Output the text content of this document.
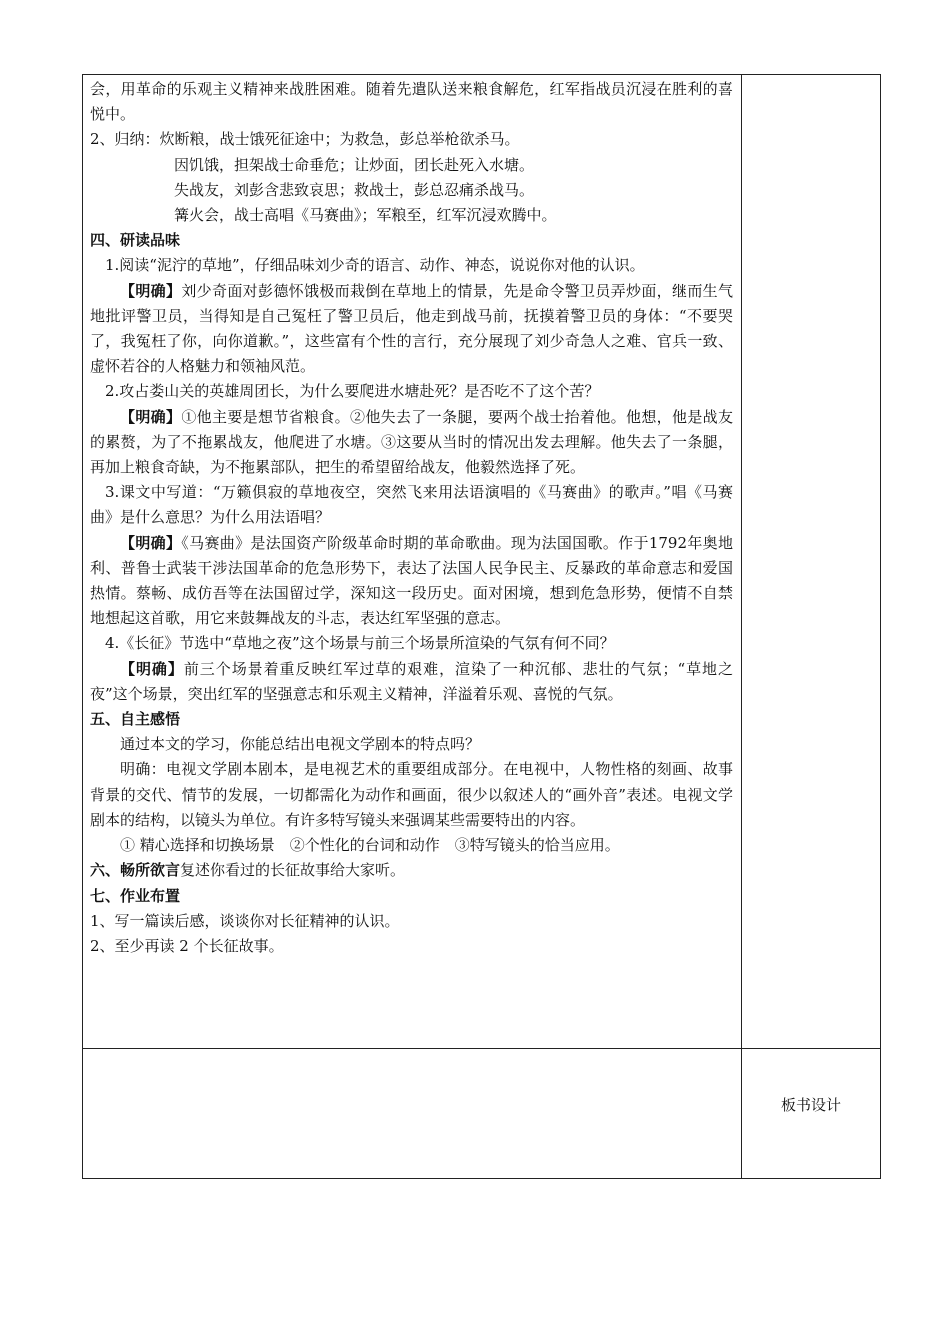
会，用革命的乐观主义精神来战胜困难。随着先遣队送来粮食解危，红军指战员沉浸在胜利的喜悦中。

2、归纳：炊断粮，战士饿死征途中；为救急，彭总举枪欲杀马。

因饥饿，担架战士命垂危；让炒面，团长赴死入水塘。

失战友，刘彭含悲致哀思；救战士，彭总忍痛杀战马。

篝火会，战士高唱《马赛曲》；军粮至，红军沉浸欢腾中。

四、研读品味

1.阅读“泥泞的草地”，仔细品味刘少奇的语言、动作、神态，说说你对他的认识。

【明确】刘少奇面对彭德怀饿极而栽倒在草地上的情景，先是命令警卫员弄炒面，继而生气地批评警卫员，当得知是自己冤枉了警卫员后，他走到战马前，抚摸着警卫员的身体：“不要哭了，我冤枉了你，向你道歉。”，这些富有个性的言行，充分展现了刘少奇急人之难、官兵一致、虚怀若谷的人格魅力和领袖风范。

2.攻占娄山关的英雄周团长，为什么要爬进水塘赴死？是否吃不了这个苦？

【明确】①他主要是想节省粮食。②他失去了一条腿，要两个战士抬着他。他想，他是战友的累赘，为了不拖累战友，他爬进了水塘。③这要从当时的情况出发去理解。他失去了一条腿，再加上粮食奇缺，为不拖累部队，把生的希望留给战友，他毅然选择了死。

3.课文中写道：“万籁俱寂的草地夜空，突然飞来用法语演唱的《马赛曲》的歌声。”唱《马赛曲》是什么意思？为什么用法语唱？

【明确】《马赛曲》是法国资产阶级革命时期的革命歌曲。现为法国国歌。作于1792年奥地利、普鲁士武装干涉法国革命的危急形势下，表达了法国人民争民主、反暴政的革命意志和爱国热情。蔡畅、成仿吾等在法国留过学，深知这一段历史。面对困境，想到危急形势，便情不自禁地想起这首歌，用它来鼓舞战友的斗志，表达红军坚强的意志。

4.《长征》节选中“草地之夜”这个场景与前三个场景所渲染的气氛有何不同？

【明确】前三个场景着重反映红军过草的艰难，渲染了一种沉郁、悲壮的气氛；“草地之夜”这个场景，突出红军的坚强意志和乐观主义精神，洋溢着乐观、喜悦的气氛。

五、自主感悟

通过本文的学习，你能总结出电视文学剧本的特点吗？

明确：电视文学剧本剧本，是电视艺术的重要组成部分。在电视中，人物性格的刻画、故事背景的交代、情节的发展，一切都需化为动作和画面，很少以叙述人的“画外音”表述。电视文学剧本的结构，以镜头为单位。有许多特写镜头来强调某些需要特出的内容。

① 精心选择和切换场景　②个性化的台词和动作　③特写镜头的恰当应用。

六、畅所欲言复述你看过的长征故事给大家听。

七、作业布置

1、写一篇读后感，谈谈你对长征精神的认识。

2、至少再读 2 个长征故事。

板书设计
